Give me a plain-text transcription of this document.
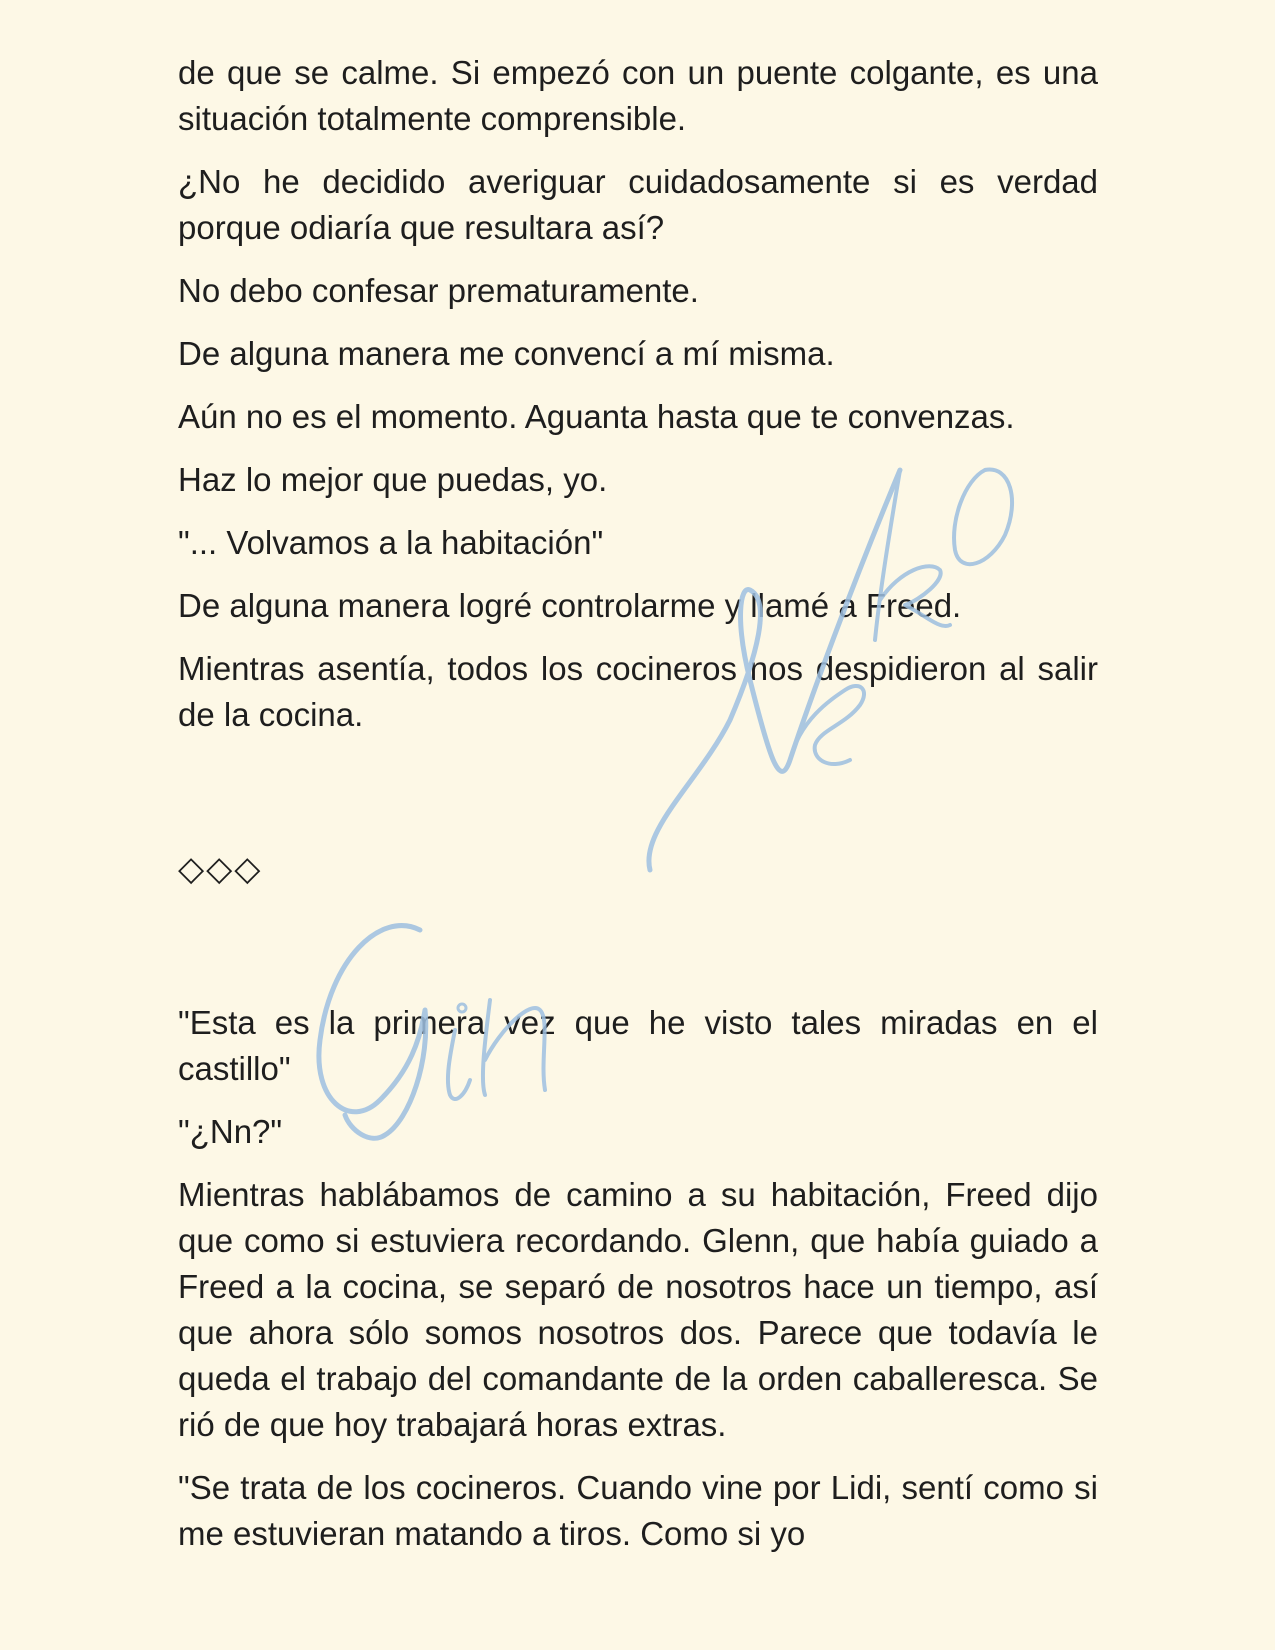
de que se calme. Si empezó con un puente colgante, es una situación totalmente comprensible.

¿No he decidido averiguar cuidadosamente si es verdad porque odiaría que resultara así?

No debo confesar prematuramente.

De alguna manera me convencí a mí misma.

Aún no es el momento. Aguanta hasta que te convenzas.

Haz lo mejor que puedas, yo.

"... Volvamos a la habitación"

De alguna manera logré controlarme y llamé a Freed.

Mientras asentía, todos los cocineros nos despidieron al salir de la cocina.

◇◇◇

"Esta es la primera vez que he visto tales miradas en el castillo"

"¿Nn?"

Mientras hablábamos de camino a su habitación, Freed dijo que como si estuviera recordando. Glenn, que había guiado a Freed a la cocina, se separó de nosotros hace un tiempo, así que ahora sólo somos nosotros dos. Parece que todavía le queda el trabajo del comandante de la orden caballeresca. Se rió de que hoy trabajará horas extras.

"Se trata de los cocineros. Cuando vine por Lidi, sentí como si me estuvieran matando a tiros. Como si yo
